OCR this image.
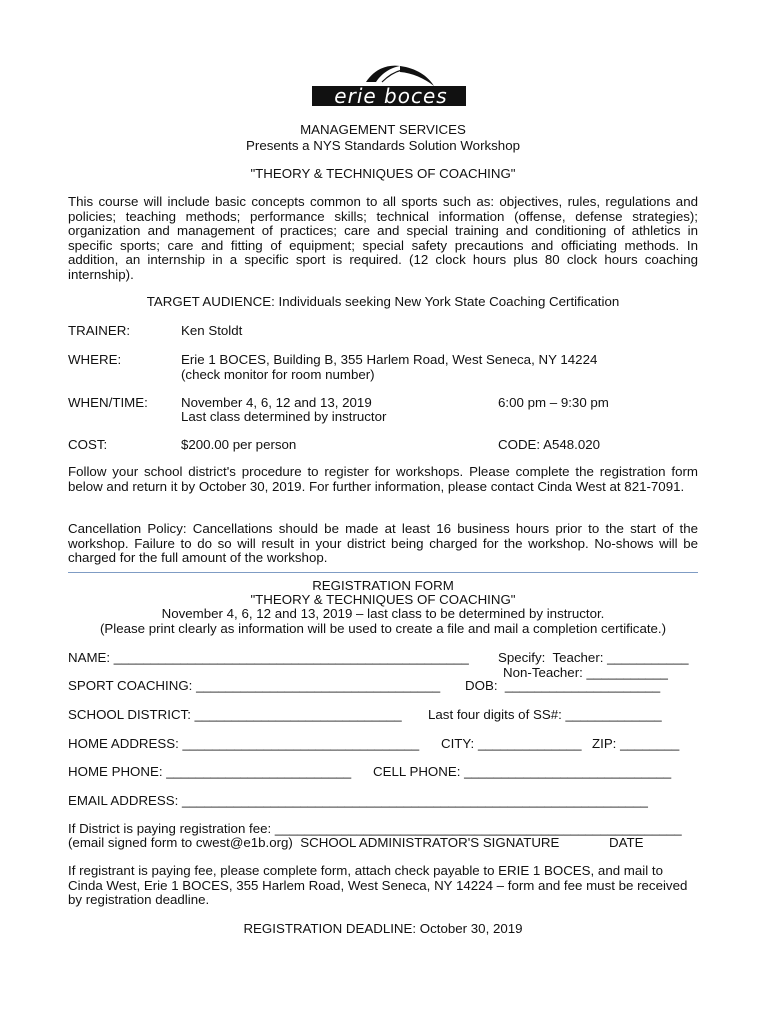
erie boces
MANAGEMENT SERVICES
Presents a NYS Standards Solution Workshop
"THEORY & TECHNIQUES OF COACHING"
This course will include basic concepts common to all sports such as: objectives, rules, regulations and policies; teaching methods; performance skills; technical information (offense, defense strategies); organization and management of practices; care and special training and conditioning of athletics in specific sports; care and fitting of equipment; special safety precautions and officiating methods. In addition, an internship in a specific sport is required. (12 clock hours plus 80 clock hours coaching internship).
TARGET AUDIENCE: Individuals seeking New York State Coaching Certification
TRAINER:	Ken Stoldt
WHERE:	Erie 1 BOCES, Building B, 355 Harlem Road, West Seneca, NY 14224
(check monitor for room number)
WHEN/TIME: November 4, 6, 12 and 13, 2019	6:00 pm – 9:30 pm
Last class determined by instructor
COST:	$200.00 per person	CODE: A548.020
Follow your school district's procedure to register for workshops. Please complete the registration form below and return it by October 30, 2019. For further information, please contact Cinda West at 821-7091.
Cancellation Policy: Cancellations should be made at least 16 business hours prior to the start of the workshop. Failure to do so will result in your district being charged for the workshop. No-shows will be charged for the full amount of the workshop.
REGISTRATION FORM
"THEORY & TECHNIQUES OF COACHING"
November 4, 6, 12 and 13, 2019 – last class to be determined by instructor.
(Please print clearly as information will be used to create a file and mail a completion certificate.)
NAME: ________________________________________________ Specify:  Teacher: ___________
Non-Teacher: ___________
SPORT COACHING: _________________________________ DOB:  _____________________
SCHOOL DISTRICT: ____________________________ Last four digits of SS#: _____________
HOME ADDRESS: ________________________________ CITY: ______________ ZIP: ________
HOME PHONE: _________________________ CELL PHONE: ____________________________
EMAIL ADDRESS: _______________________________________________________________
If District is paying registration fee: _______________________________________________________
(email signed form to cwest@e1b.org)  SCHOOL ADMINISTRATOR'S SIGNATURE	DATE
If registrant is paying fee, please complete form, attach check payable to ERIE 1 BOCES, and mail to Cinda West, Erie 1 BOCES, 355 Harlem Road, West Seneca, NY 14224 – form and fee must be received by registration deadline.
REGISTRATION DEADLINE: October 30, 2019
